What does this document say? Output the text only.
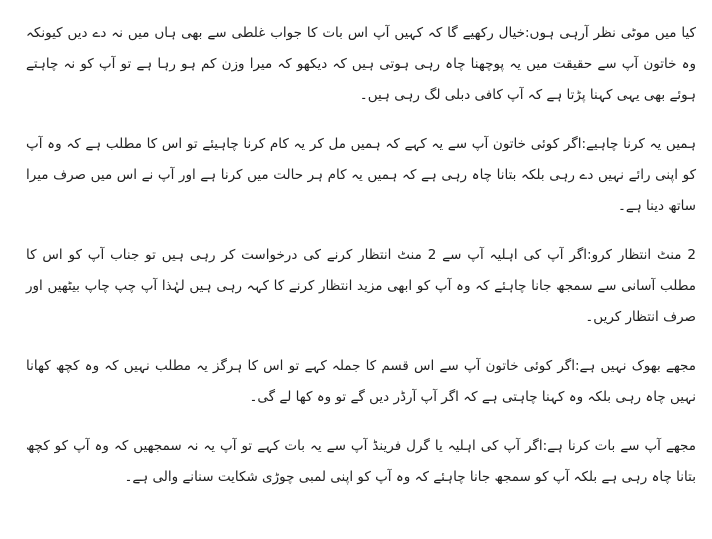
کیا میں موٹی نظر آرہی ہوں:خیال رکھیے گا کہ کہیں آپ اس بات کا جواب غلطی سے بھی ہاں میں نہ دے دیں کیونکہ وہ خاتون آپ سے حقیقت میں یہ پوچھنا چاہ رہی ہوتی ہیں کہ دیکھو کہ میرا وزن کم ہو رہا ہے تو آپ کو نہ چاہتے ہوئے بھی یہی کہنا پڑتا ہے کہ آپ کافی دبلی لگ رہی ہیں۔

ہمیں یہ کرنا چاہیے:اگر کوئی خاتون آپ سے یہ کہے کہ ہمیں مل کر یہ کام کرنا چاہیئے تو اس کا مطلب ہے کہ وہ آپ کو اپنی رائے نہیں دے رہی بلکہ بتانا چاہ رہی ہے کہ ہمیں یہ کام ہر حالت میں کرنا ہے اور آپ نے اس میں صرف میرا ساتھ دینا ہے۔

2 منٹ انتظار کرو:اگر آپ کی اہلیہ آپ سے 2 منٹ انتظار کرنے کی درخواست کر رہی ہیں تو جناب آپ کو اس کا مطلب آسانی سے سمجھ جانا چاہئے کہ وہ آپ کو ابھی مزید انتظار کرنے کا کہہ رہی ہیں لہٰذا آپ چپ چاپ بیٹھیں اور صرف انتظار کریں۔

مجھے بھوک نہیں ہے:اگر کوئی خاتون آپ سے اس قسم کا جملہ کہے تو اس کا ہرگز یہ مطلب نہیں کہ وہ کچھ کھانا نہیں چاہ رہی بلکہ وہ کہنا چاہتی ہے کہ اگر آپ آرڈر دیں گے تو وہ کھا لے گی۔

مجھے آپ سے بات کرنا ہے:اگر آپ کی اہلیہ یا گرل فرینڈ آپ سے یہ بات کہے تو آپ یہ نہ سمجھیں کہ وہ آپ کو کچھ بتانا چاہ رہی ہے بلکہ آپ کو سمجھ جانا چاہئے کہ وہ آپ کو اپنی لمبی چوڑی شکایت سنانے والی ہے۔
